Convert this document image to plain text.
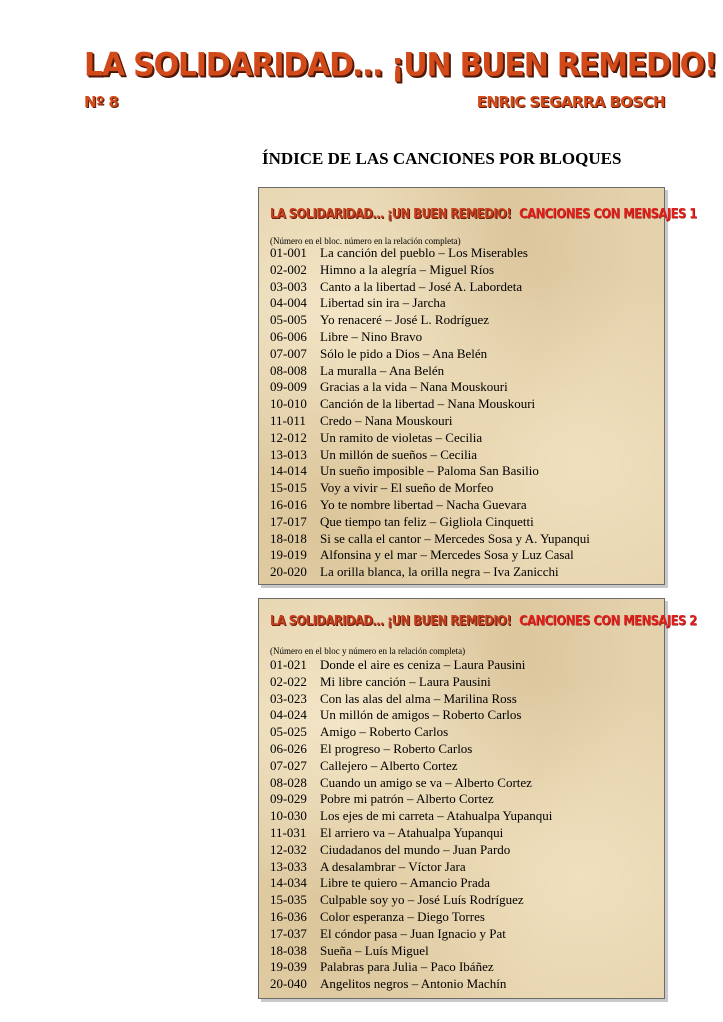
LA SOLIDARIDAD… ¡UN BUEN REMEDIO!
Nº 8	ENRIC SEGARRA BOSCH
ÍNDICE DE LAS CANCIONES POR BLOQUES
LA SOLIDARIDAD… ¡UN BUEN REMEDIO! CANCIONES CON MENSAJES 1
(Número en el bloc. número en la relación completa)
01-001 La canción del pueblo – Los Miserables
02-002 Himno a la alegría – Miguel Ríos
03-003 Canto a la libertad – José A. Labordeta
04-004 Libertad sin ira – Jarcha
05-005 Yo renaceré – José L. Rodríguez
06-006 Libre – Nino Bravo
07-007 Sólo le pido a Dios – Ana Belén
08-008 La muralla – Ana Belén
09-009 Gracias a la vida – Nana Mouskouri
10-010 Canción de la libertad – Nana Mouskouri
11-011 Credo – Nana Mouskouri
12-012 Un ramito de violetas – Cecilia
13-013 Un millón de sueños – Cecilia
14-014 Un sueño imposible – Paloma San Basilio
15-015 Voy a vivir – El sueño de Morfeo
16-016 Yo te nombre libertad – Nacha Guevara
17-017 Que tiempo tan feliz – Gigliola Cinquetti
18-018 Si se calla el cantor – Mercedes Sosa y A. Yupanqui
19-019 Alfonsina y el mar – Mercedes Sosa y Luz Casal
20-020 La orilla blanca, la orilla negra – Iva Zanicchi
LA SOLIDARIDAD… ¡UN BUEN REMEDIO! CANCIONES CON MENSAJES 2
(Número en el bloc y número en la relación completa)
01-021 Donde el aire es ceniza – Laura Pausini
02-022 Mi libre canción – Laura Pausini
03-023 Con las alas del alma – Marilina Ross
04-024 Un millón de amigos – Roberto Carlos
05-025 Amigo – Roberto Carlos
06-026 El progreso – Roberto Carlos
07-027 Callejero – Alberto Cortez
08-028 Cuando un amigo se va – Alberto Cortez
09-029 Pobre mi patrón – Alberto Cortez
10-030 Los ejes de mi carreta – Atahualpa Yupanqui
11-031 El arriero va – Atahualpa Yupanqui
12-032 Ciudadanos del mundo – Juan Pardo
13-033 A desalambrar – Víctor Jara
14-034 Libre te quiero – Amancio Prada
15-035 Culpable soy yo – José Luís Rodríguez
16-036 Color esperanza – Diego Torres
17-037 El cóndor pasa – Juan Ignacio y Pat
18-038 Sueña – Luís Miguel
19-039 Palabras para Julia – Paco Ibáñez
20-040 Angelitos negros – Antonio Machín
